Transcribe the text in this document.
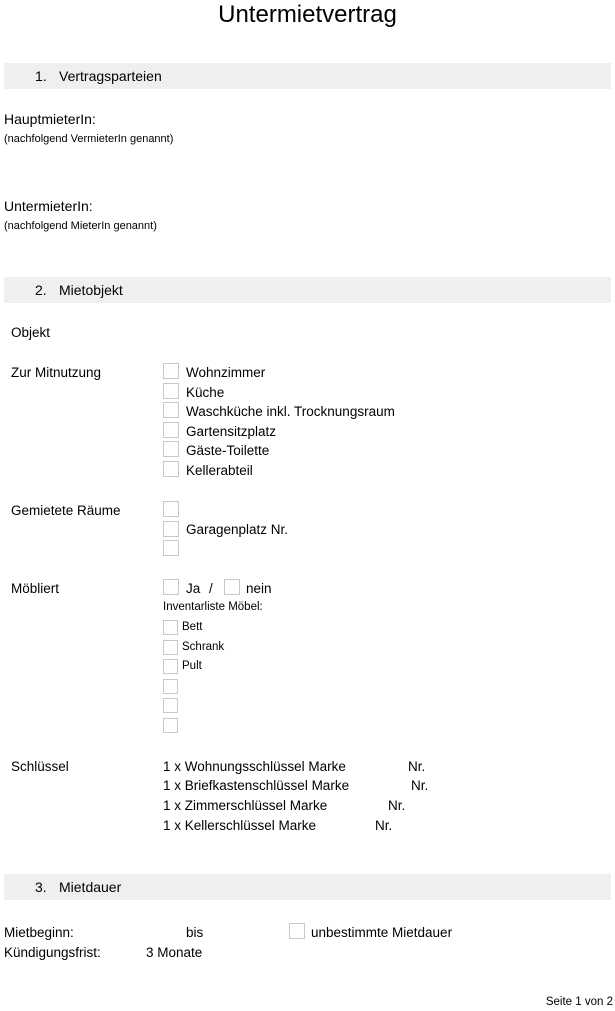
Untermietvertrag
1. Vertragsparteien
HauptmieterIn:
(nachfolgend VermieterIn genannt)
UntermieterIn:
(nachfolgend MieterIn genannt)
2. Mietobjekt
Objekt
Zur Mitnutzung	Wohnzimmer
Küche
Waschküche inkl. Trocknungsraum
Gartensitzplatz
Gäste-Toilette
Kellerabteil
Gemietete Räume
Garagenplatz Nr.
Möbliert	Ja / nein
Inventarliste Möbel:
Bett
Schrank
Pult
Schlüssel	1 x Wohnungsschlüssel Marke	Nr.
1 x Briefkastenschlüssel Marke	Nr.
1 x Zimmerschlüssel Marke	Nr.
1 x Kellerschlüssel Marke	Nr.
3. Mietdauer
Mietbeginn:	bis	unbestimmte Mietdauer
Kündigungsfrist:	3 Monate
Seite 1 von 2
